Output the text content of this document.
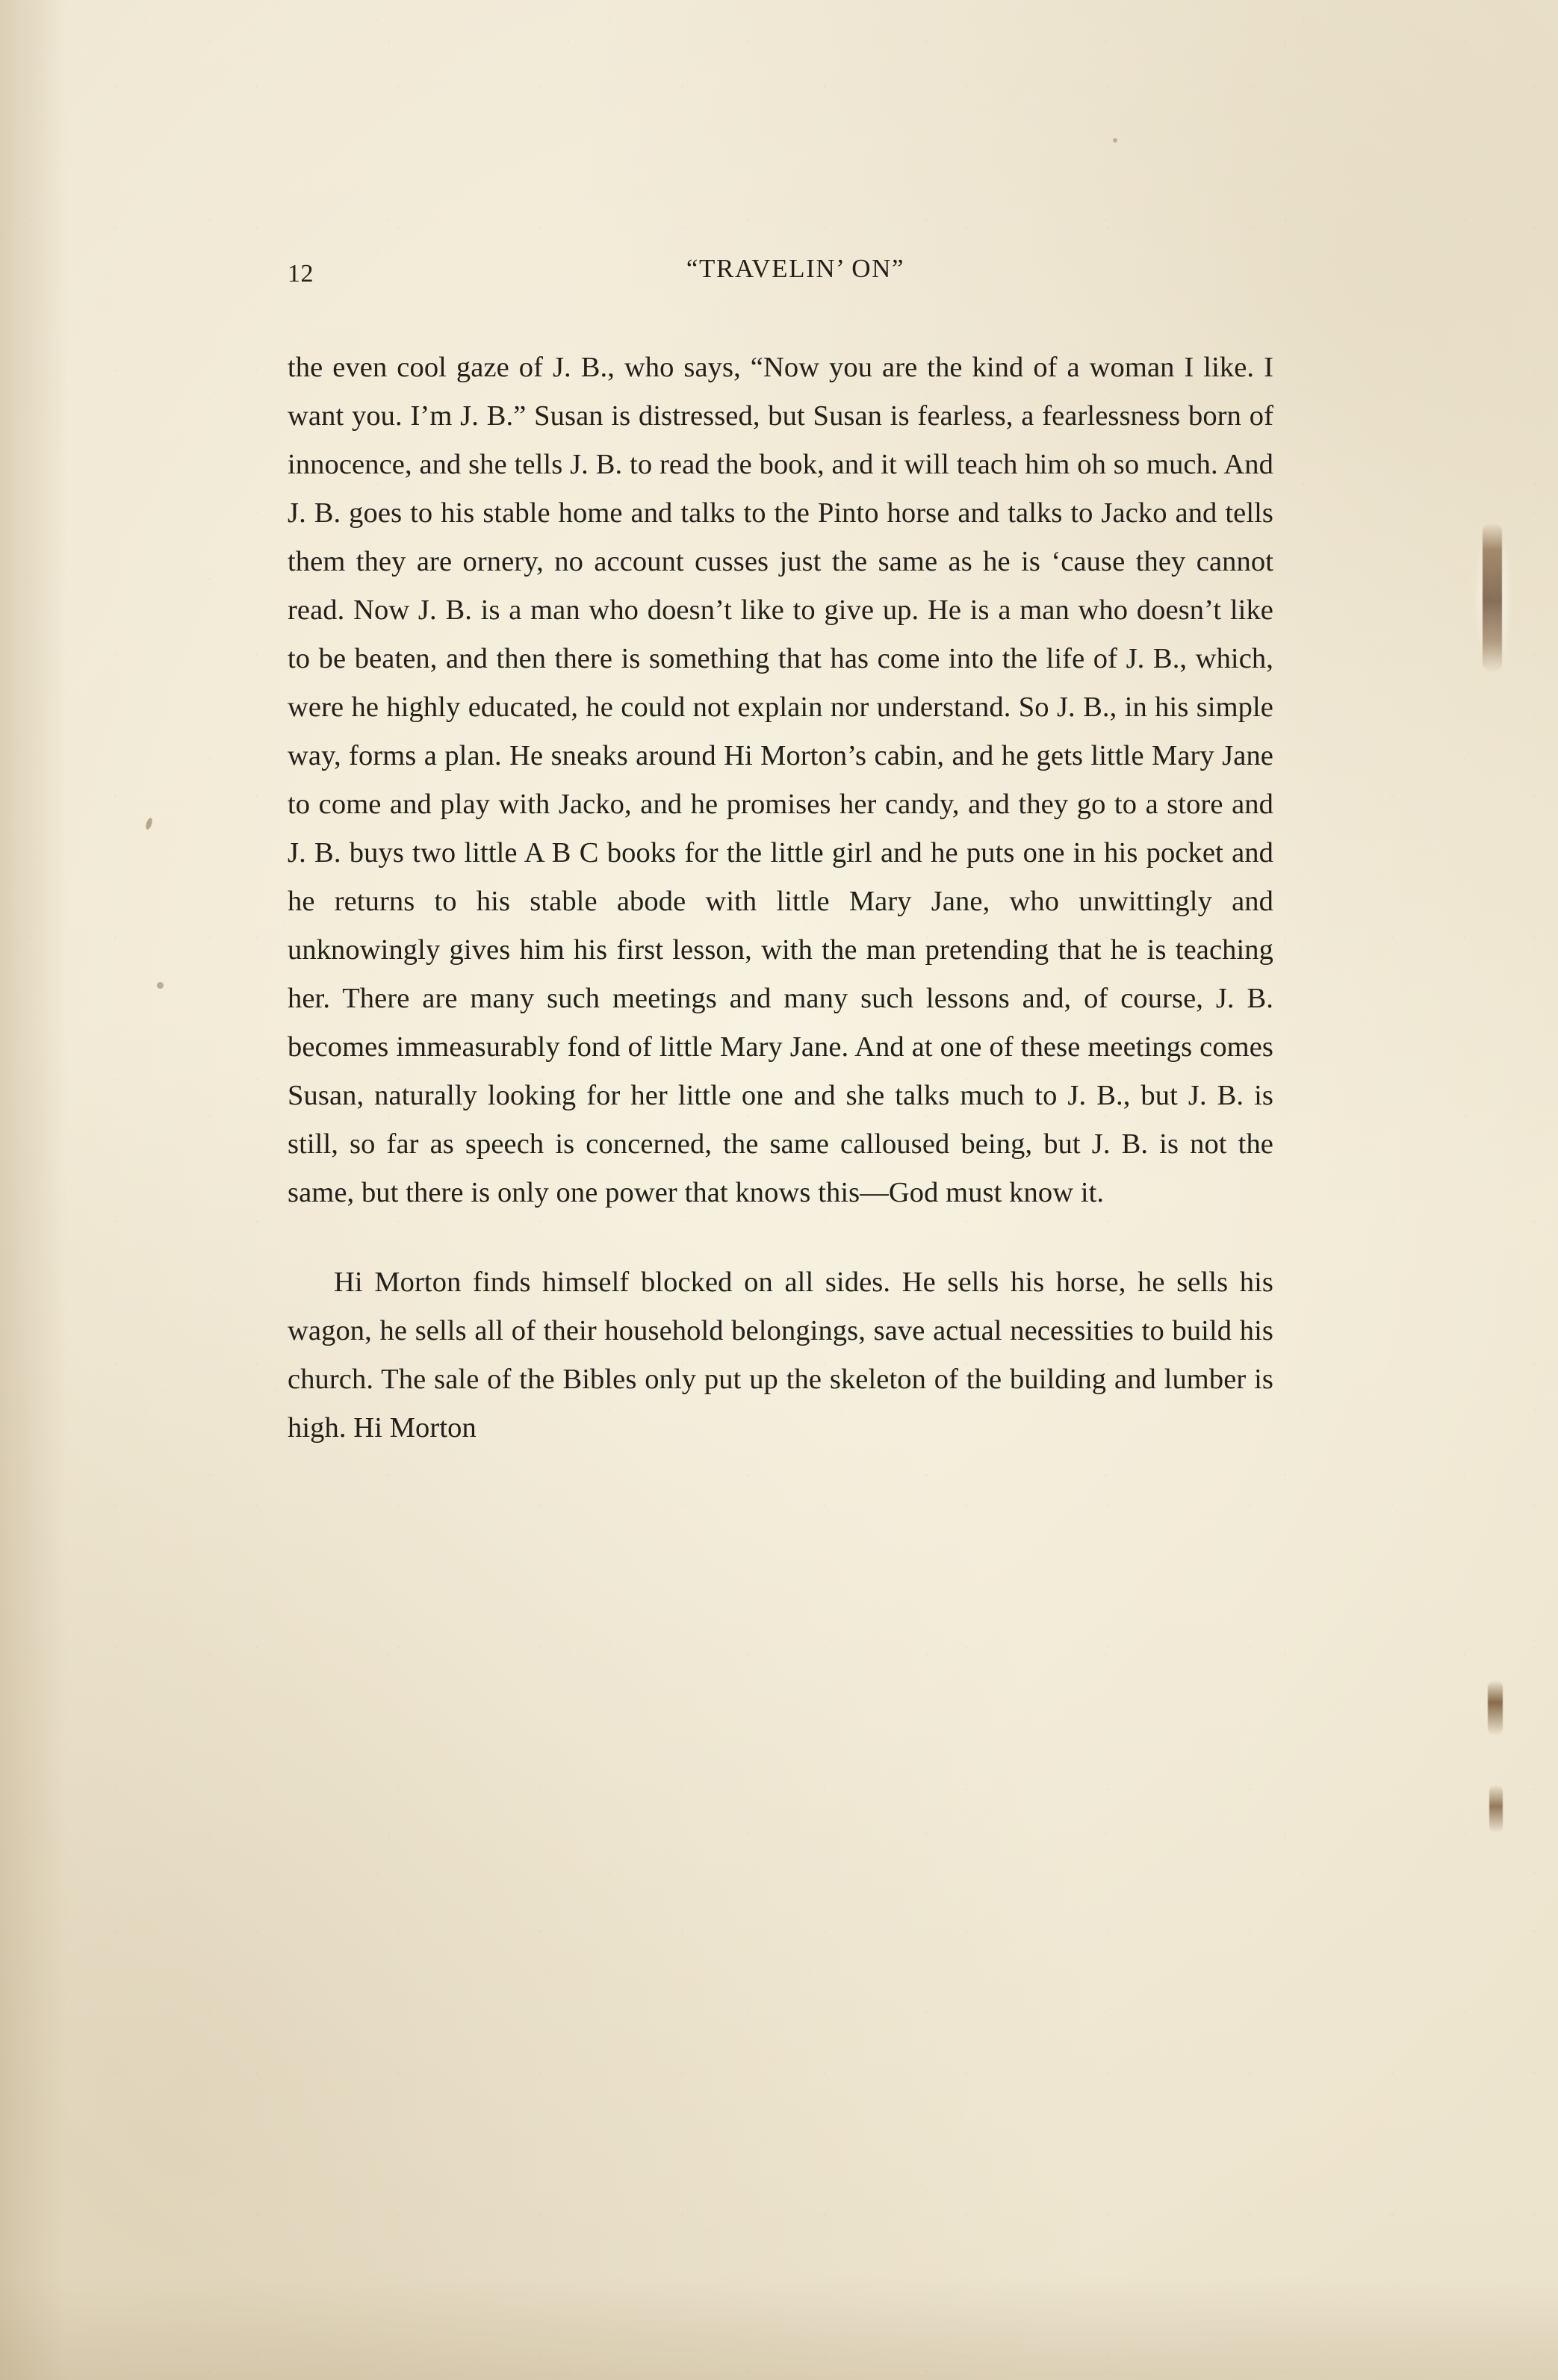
12	“TRAVELIN’ ON”

the even cool gaze of J. B., who says, “Now you are the kind of a woman I like. I want you. I’m J. B.” Susan is distressed, but Susan is fearless, a fearlessness born of innocence, and she tells J. B. to read the book, and it will teach him oh so much. And J. B. goes to his stable home and talks to the Pinto horse and talks to Jacko and tells them they are ornery, no account cusses just the same as he is ‘cause they cannot read. Now J. B. is a man who doesn’t like to give up. He is a man who doesn’t like to be beaten, and then there is something that has come into the life of J. B., which, were he highly educated, he could not explain nor understand. So J. B., in his simple way, forms a plan. He sneaks around Hi Morton’s cabin, and he gets little Mary Jane to come and play with Jacko, and he promises her candy, and they go to a store and J. B. buys two little A B C books for the little girl and he puts one in his pocket and he returns to his stable abode with little Mary Jane, who unwittingly and unknowingly gives him his first lesson, with the man pretending that he is teaching her. There are many such meetings and many such lessons and, of course, J. B. becomes immeasurably fond of little Mary Jane. And at one of these meetings comes Susan, naturally looking for her little one and she talks much to J. B., but J. B. is still, so far as speech is concerned, the same calloused being, but J. B. is not the same, but there is only one power that knows this—God must know it.

Hi Morton finds himself blocked on all sides. He sells his horse, he sells his wagon, he sells all of their household belongings, save actual necessities to build his church. The sale of the Bibles only put up the skeleton of the building and lumber is high. Hi Morton
